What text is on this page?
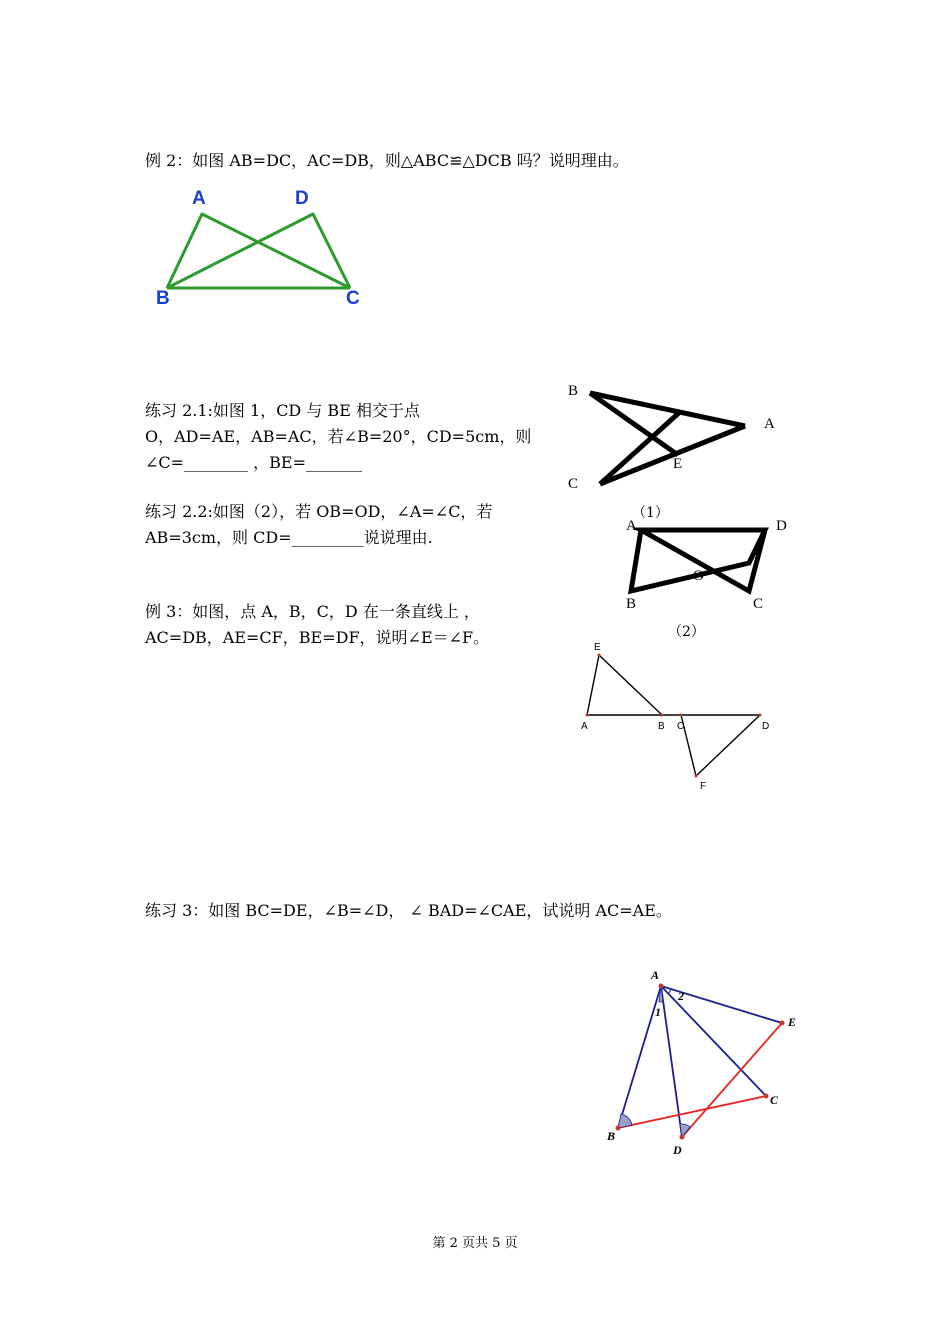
例 2：如图 AB=DC，AC=DB，则△ABC≌△DCB 吗？说明理由。
A	D
B	C
练习 2.1:如图 1，CD 与 BE 相交于点
O，AD=AE，AB=AC，若∠B=20°，CD=5cm，则
∠C=________ ，BE=_______
练习 2.2:如图（2），若 OB=OD，∠A=∠C，若
AB=3cm，则 CD=_________说说理由.
例 3：如图，点 A，B，C，D 在一条直线上 ，
AC=DB，AE=CF，BE=DF，说明∠E＝∠F。
B
A
E
C
（1）
A	D
O
B	C
（2）
E
A	B C	D
F
练习 3：如图 BC=DE，∠B=∠D， ∠ BAD=∠CAE，试说明 AC=AE。
A
E
C
B
D
1
2
第 2 页共 5 页
